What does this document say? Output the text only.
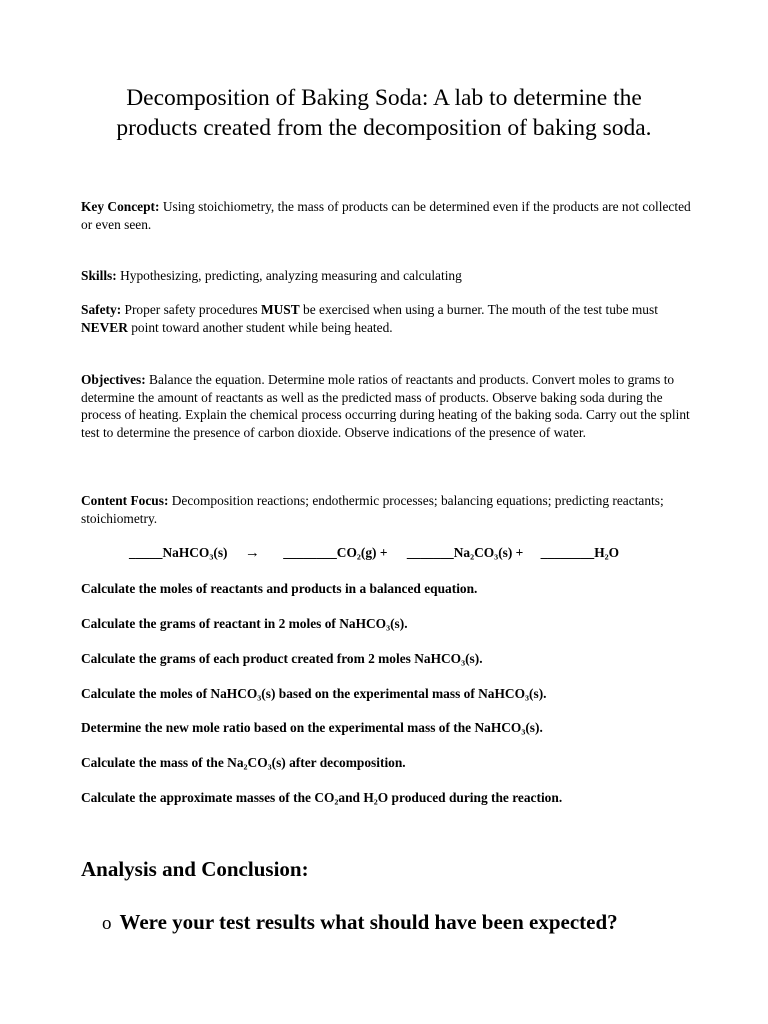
Decomposition of Baking Soda: A lab to determine the
products created from the decomposition of baking soda.
Key Concept: Using stoichiometry, the mass of products can be determined even if the products are not collected or even seen.
Skills: Hypothesizing, predicting, analyzing measuring and calculating
Safety: Proper safety procedures MUST be exercised when using a burner. The mouth of the test tube must NEVER point toward another student while being heated.
Objectives: Balance the equation. Determine mole ratios of reactants and products. Convert moles to grams to determine the amount of reactants as well as the predicted mass of products. Observe baking soda during the process of heating. Explain the chemical process occurring during heating of the baking soda. Carry out the splint test to determine the presence of carbon dioxide. Observe indications of the presence of water.
Content Focus: Decomposition reactions; endothermic processes; balancing equations; predicting reactants; stoichiometry.
_____NaHCO₃(s) → ________CO₂(g) + _______Na₂CO₃(s) + ________H₂O
Calculate the moles of reactants and products in a balanced equation.
Calculate the grams of reactant in 2 moles of NaHCO₃(s).
Calculate the grams of each product created from 2 moles NaHCO₃(s).
Calculate the moles of NaHCO₃(s) based on the experimental mass of NaHCO₃(s).
Determine the new mole ratio based on the experimental mass of the NaHCO₃(s).
Calculate the mass of the Na₂CO₃(s) after decomposition.
Calculate the approximate masses of the CO₂and H₂O produced during the reaction.
Analysis and Conclusion:
o Were your test results what should have been expected?
